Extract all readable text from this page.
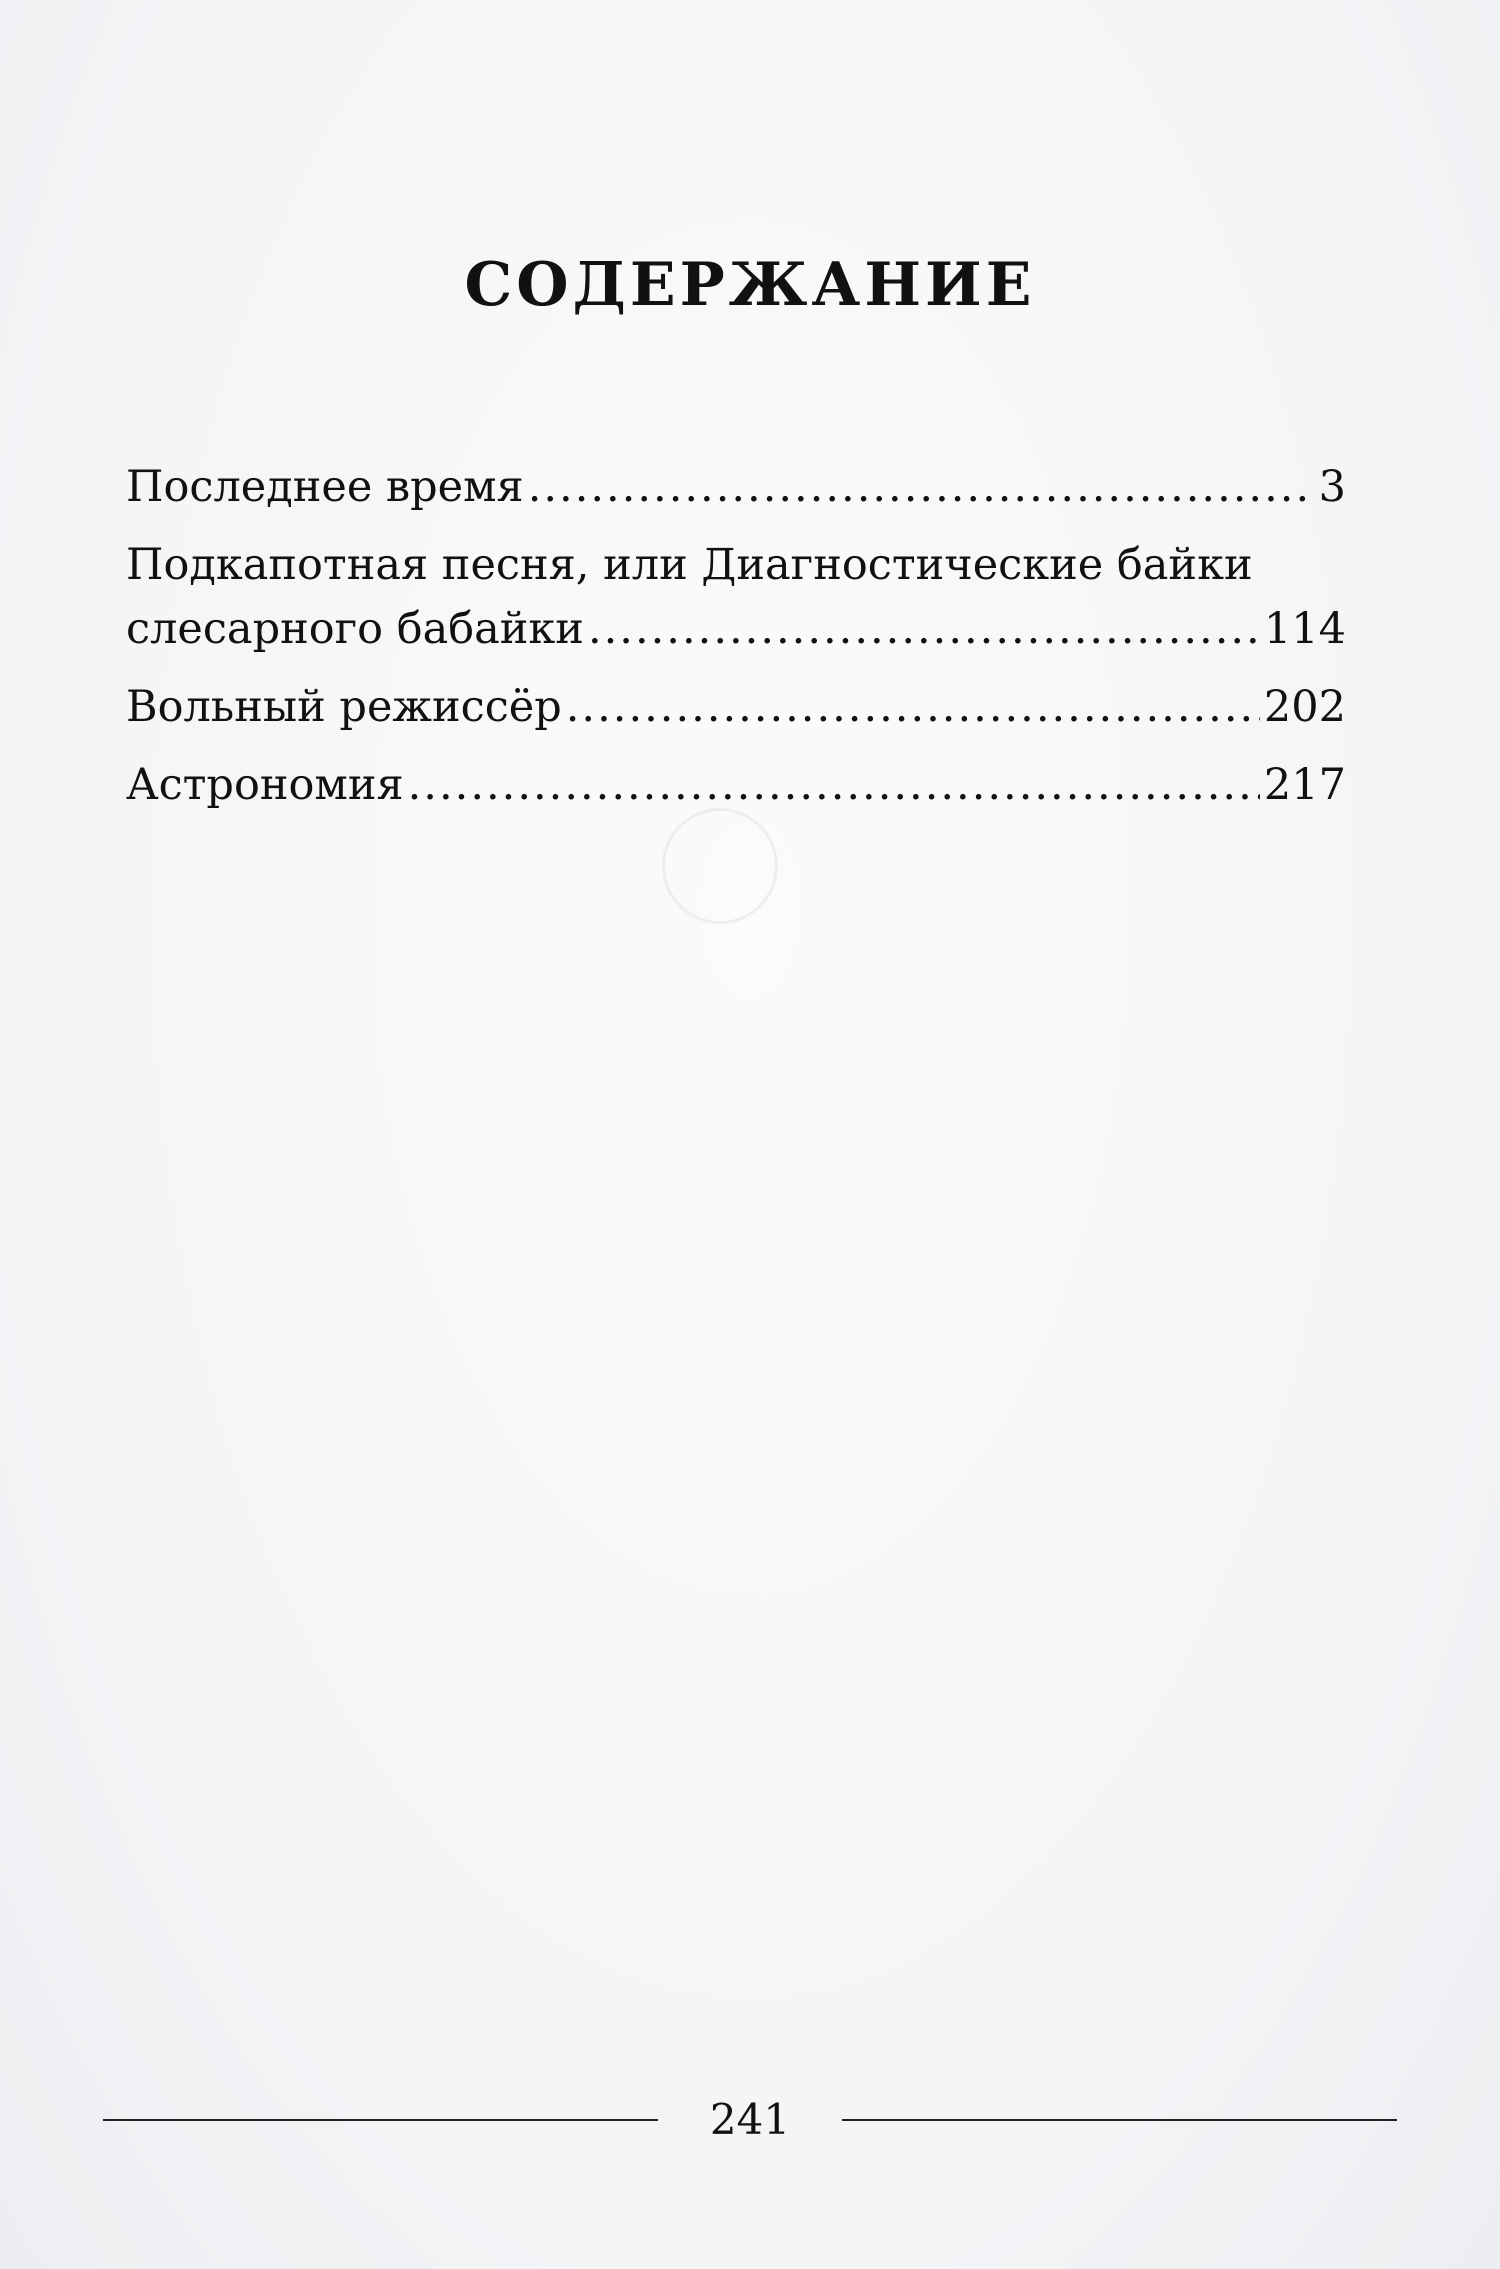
СОДЕРЖАНИЕ
Последнее время .....	3
Подкапотная песня, или Диагностические байки
слесарного бабайки .....	114
Вольный режиссёр .....	202
Астрономия .....	217
241
